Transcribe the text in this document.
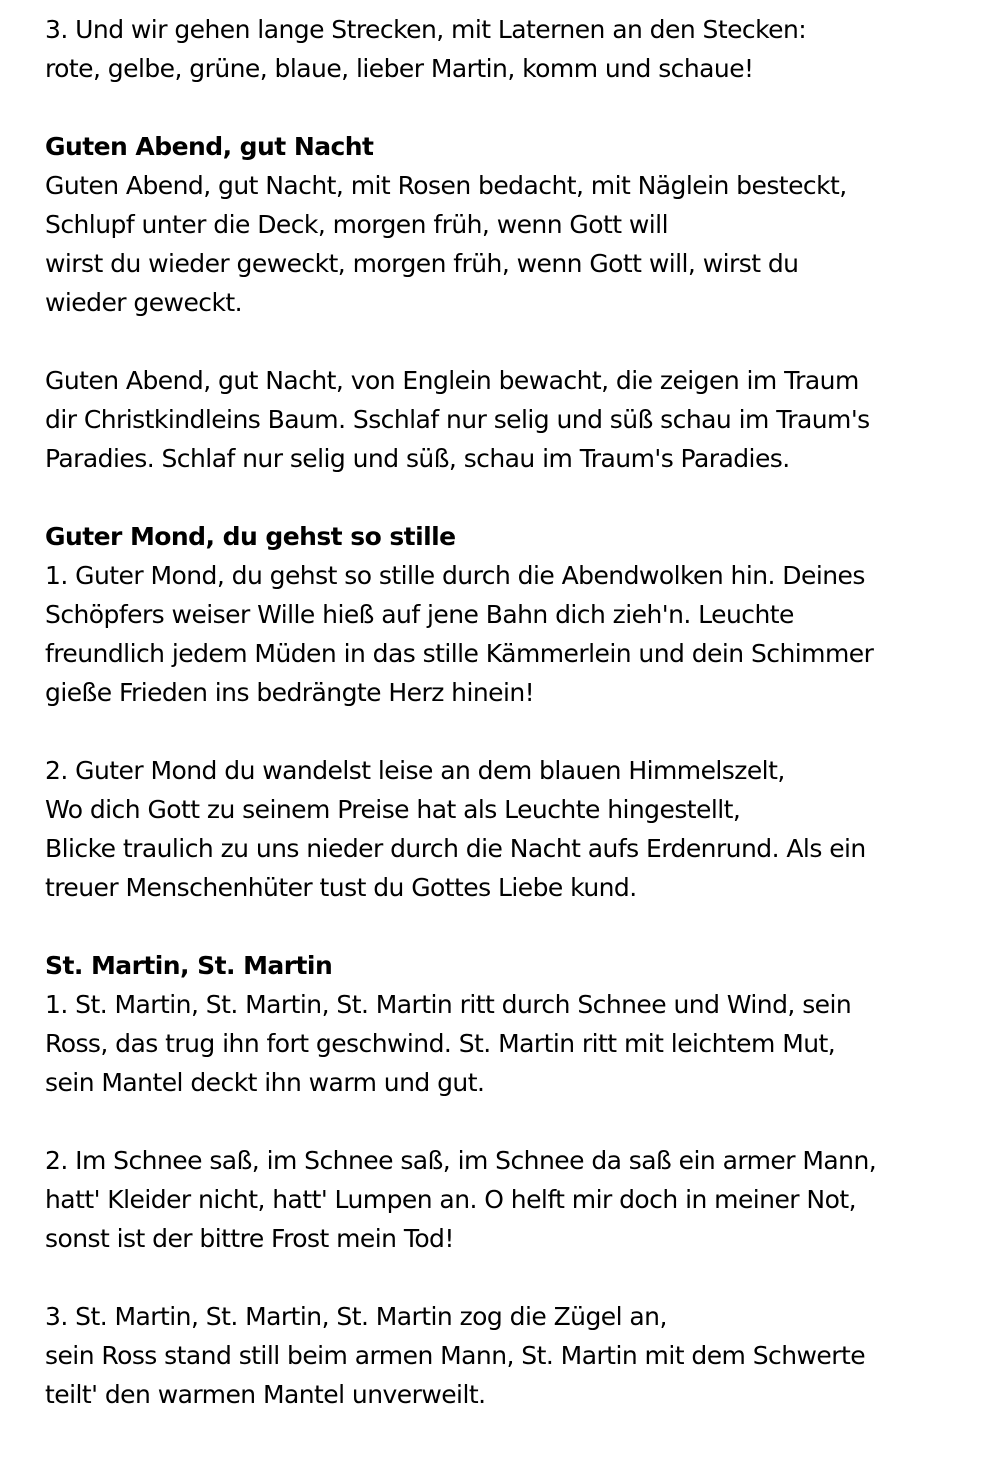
3. Und wir gehen lange Strecken, mit Laternen an den Stecken:
rote, gelbe, grüne, blaue, lieber Martin, komm und schaue!
Guten Abend, gut Nacht
Guten Abend, gut Nacht, mit Rosen bedacht, mit Näglein besteckt,
Schlupf unter die Deck, morgen früh, wenn Gott will
wirst du wieder geweckt, morgen früh, wenn Gott will, wirst du
wieder geweckt.
Guten Abend, gut Nacht, von Englein bewacht, die zeigen im Traum
dir Christkindleins Baum. Sschlaf nur selig und süß schau im Traum's
Paradies. Schlaf nur selig und süß, schau im Traum's Paradies.
Guter Mond, du gehst so stille
1. Guter Mond, du gehst so stille durch die Abendwolken hin. Deines
Schöpfers weiser Wille hieß auf jene Bahn dich zieh'n. Leuchte
freundlich jedem Müden in das stille Kämmerlein und dein Schimmer
gieße Frieden ins bedrängte Herz hinein!
2. Guter Mond du wandelst leise an dem blauen Himmelszelt,
Wo dich Gott zu seinem Preise hat als Leuchte hingestellt,
Blicke traulich zu uns nieder durch die Nacht aufs Erdenrund. Als ein
treuer Menschenhüter tust du Gottes Liebe kund.
St. Martin, St. Martin
1. St. Martin, St. Martin, St. Martin ritt durch Schnee und Wind, sein
Ross, das trug ihn fort geschwind. St. Martin ritt mit leichtem Mut,
sein Mantel deckt ihn warm und gut.
2. Im Schnee saß, im Schnee saß, im Schnee da saß ein armer Mann,
hatt' Kleider nicht, hatt' Lumpen an. O helft mir doch in meiner Not,
sonst ist der bittre Frost mein Tod!
3. St. Martin, St. Martin, St. Martin zog die Zügel an,
sein Ross stand still beim armen Mann, St. Martin mit dem Schwerte
teilt' den warmen Mantel unverweilt.
